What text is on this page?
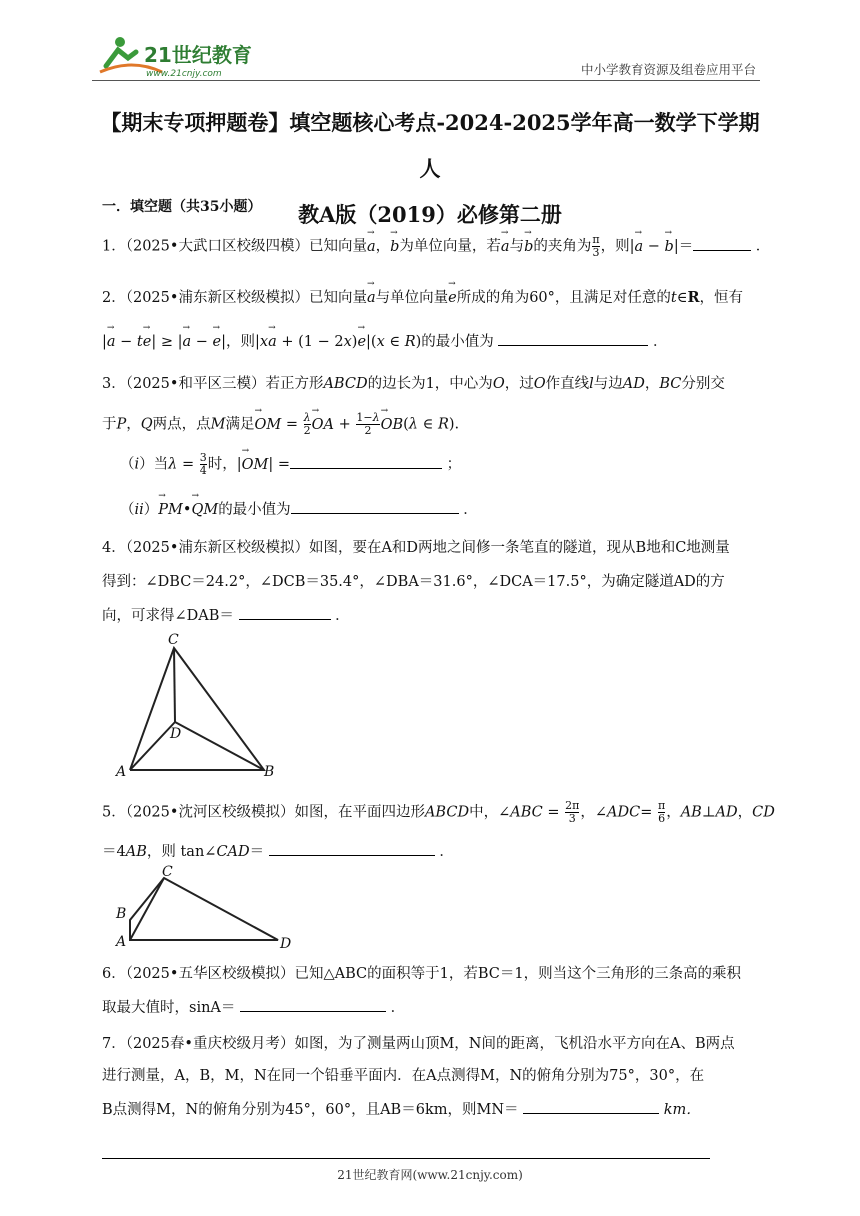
21世纪教育
www.21cnjy.com	中小学教育资源及组卷应用平台
【期末专项押题卷】填空题核心考点-2024-2025学年高一数学下学期人
教A版（2019）必修第二册
一．填空题（共35小题）
1．（2025•大武口区校级四模）已知向量→ a，→ b为单位向量，若→ a与→ b的夹角为 $\frac{\pi}{3}$ ，则|→ a − → b|＝	．
2．（2025•浦东新区校级模拟）已知向量→ a与单位向量→ e所成的角为60°，且满足对任意的t∈R，恒有
|→ a − t→ e| ≥ |→ a − → e|，则|x→ a + (1 − 2x)→ e|(x ∈ R)的最小值为	．
3．（2025•和平区三模）若正方形ABCD的边长为1，中心为O，过O作直线l与边AD，BC分别交
于P，Q两点，点M满足→ OM = $\frac{\lambda}{2}$
→ OA + $\frac{1-\lambda}{2}$
→ OB(λ ∈ R).
（i）当$\lambda = \frac{3}{4}$ 时，|→ OM| =	；
（ii）→ PM•→ QM的最小值为	．
4．（2025•浦东新区校级模拟）如图，要在A和D两地之间修一条笔直的隧道，现从B地和C地测量
得到：∠DBC＝24.2°，∠DCB＝35.4°，∠DBA＝31.6°，∠DCA＝17.5°，为确定隧道AD的方
向，可求得∠DAB＝	．
C
D
A	B
5．（2025•沈河区校级模拟）如图，在平面四边形ABCD中，∠ABC = $\frac{2\pi}{3}$ ，∠ADC= $\frac{\pi}{6}$ ，AB⊥AD，CD
＝4AB，则 tan∠CAD＝	．
C
B
A	D
6．（2025•五华区校级模拟）已知△ABC的面积等于1，若BC＝1，则当这个三角形的三条高的乘积
取最大值时，sinA＝	．
7．（2025春•重庆校级月考）如图，为了测量两山顶M，N间的距离，飞机沿水平方向在A、B两点
进行测量，A，B，M，N在同一个铅垂平面内．在A点测得M，N的俯角分别为75°，30°，在
B点测得M，N的俯角分别为45°，60°，且AB＝6km，则MN＝	km．
21世纪教育网(www.21cnjy.com)
